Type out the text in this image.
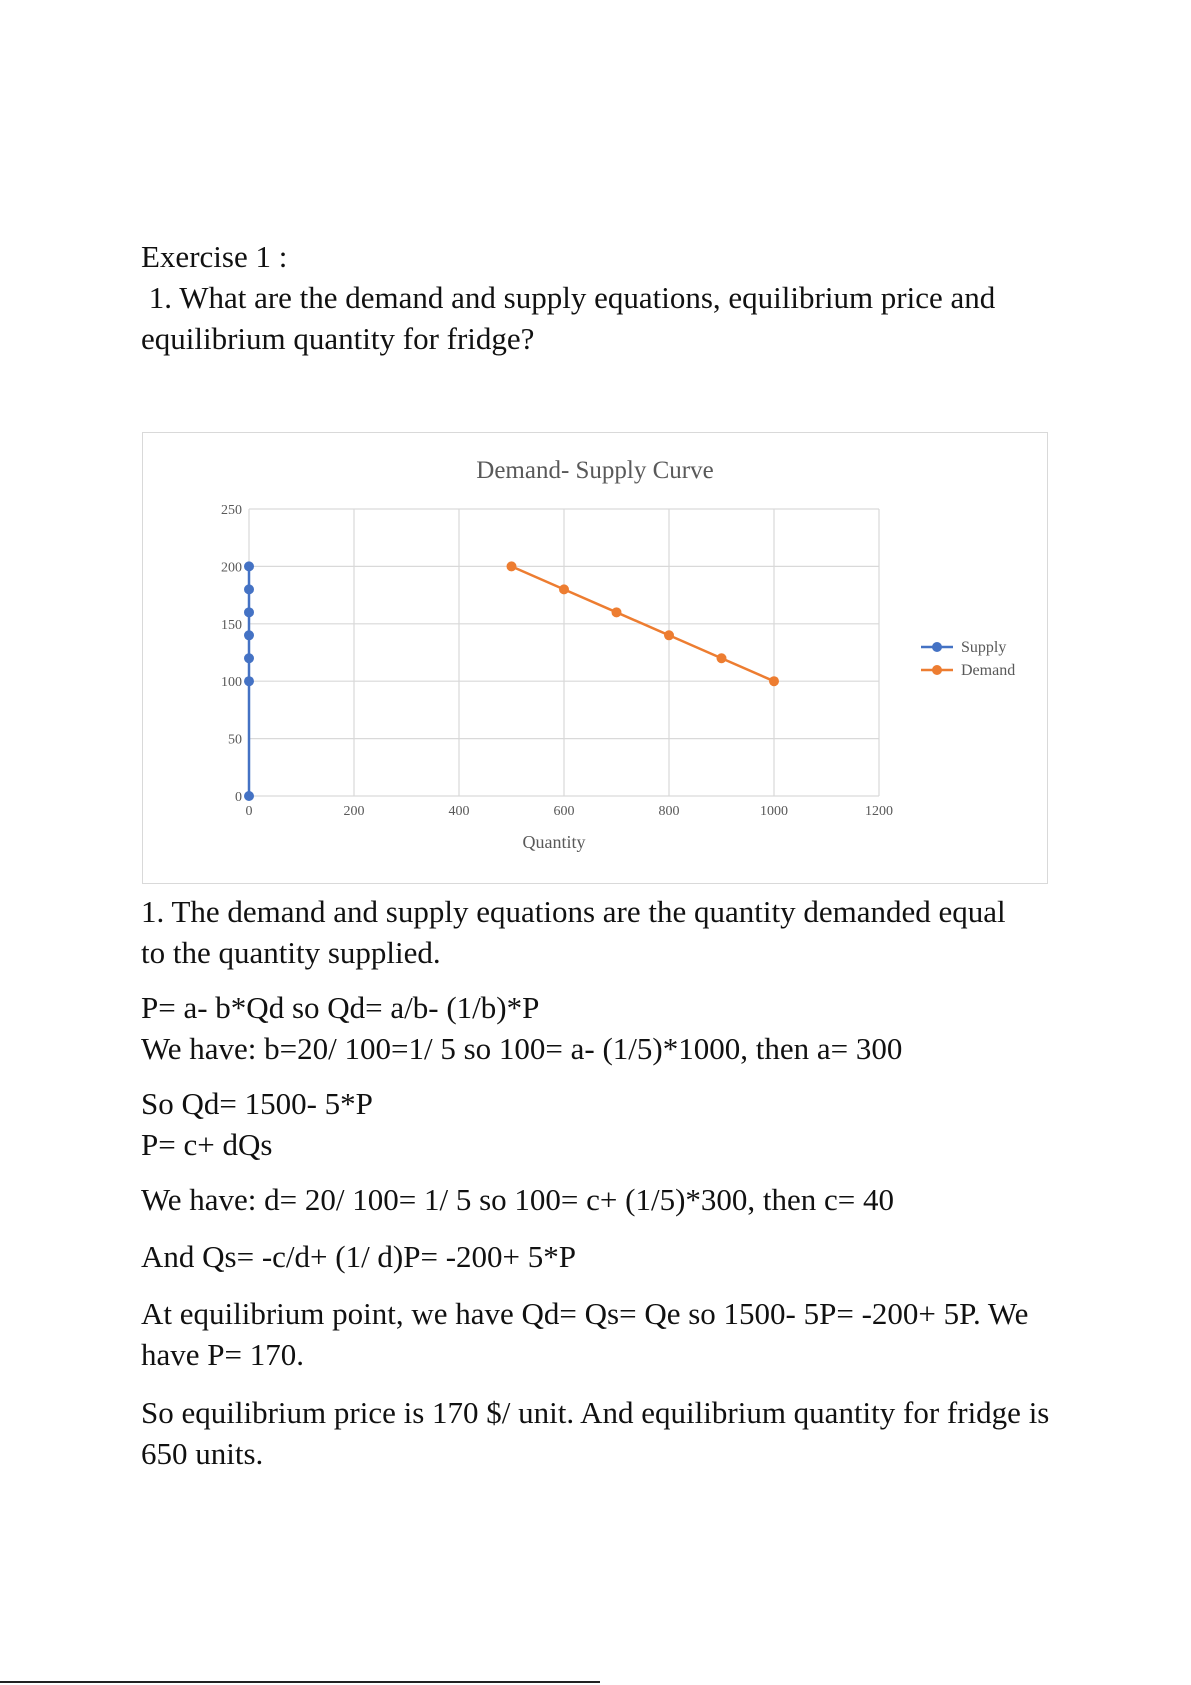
Exercise 1 :
1. What are the demand and supply equations, equilibrium price and
equilibrium quantity for fridge?
Demand- Supply Curve
0
50
100
150
200
250
0	200	400	600	800	1000	1200
Quantity
Supply
Demand
1. The demand and supply equations are the quantity demanded equal
to the quantity supplied.
P= a- b*Qd so Qd= a/b- (1/b)*P
We have: b=20/ 100=1/ 5 so 100= a- (1/5)*1000, then a= 300
So Qd= 1500- 5*P
P= c+ dQs
We have: d= 20/ 100= 1/ 5 so 100= c+ (1/5)*300, then c= 40
And Qs= -c/d+ (1/ d)P= -200+ 5*P
At equilibrium point, we have Qd= Qs= Qe so 1500- 5P= -200+ 5P. We
have P= 170.
So equilibrium price is 170 $/ unit. And equilibrium quantity for fridge is
650 units.
